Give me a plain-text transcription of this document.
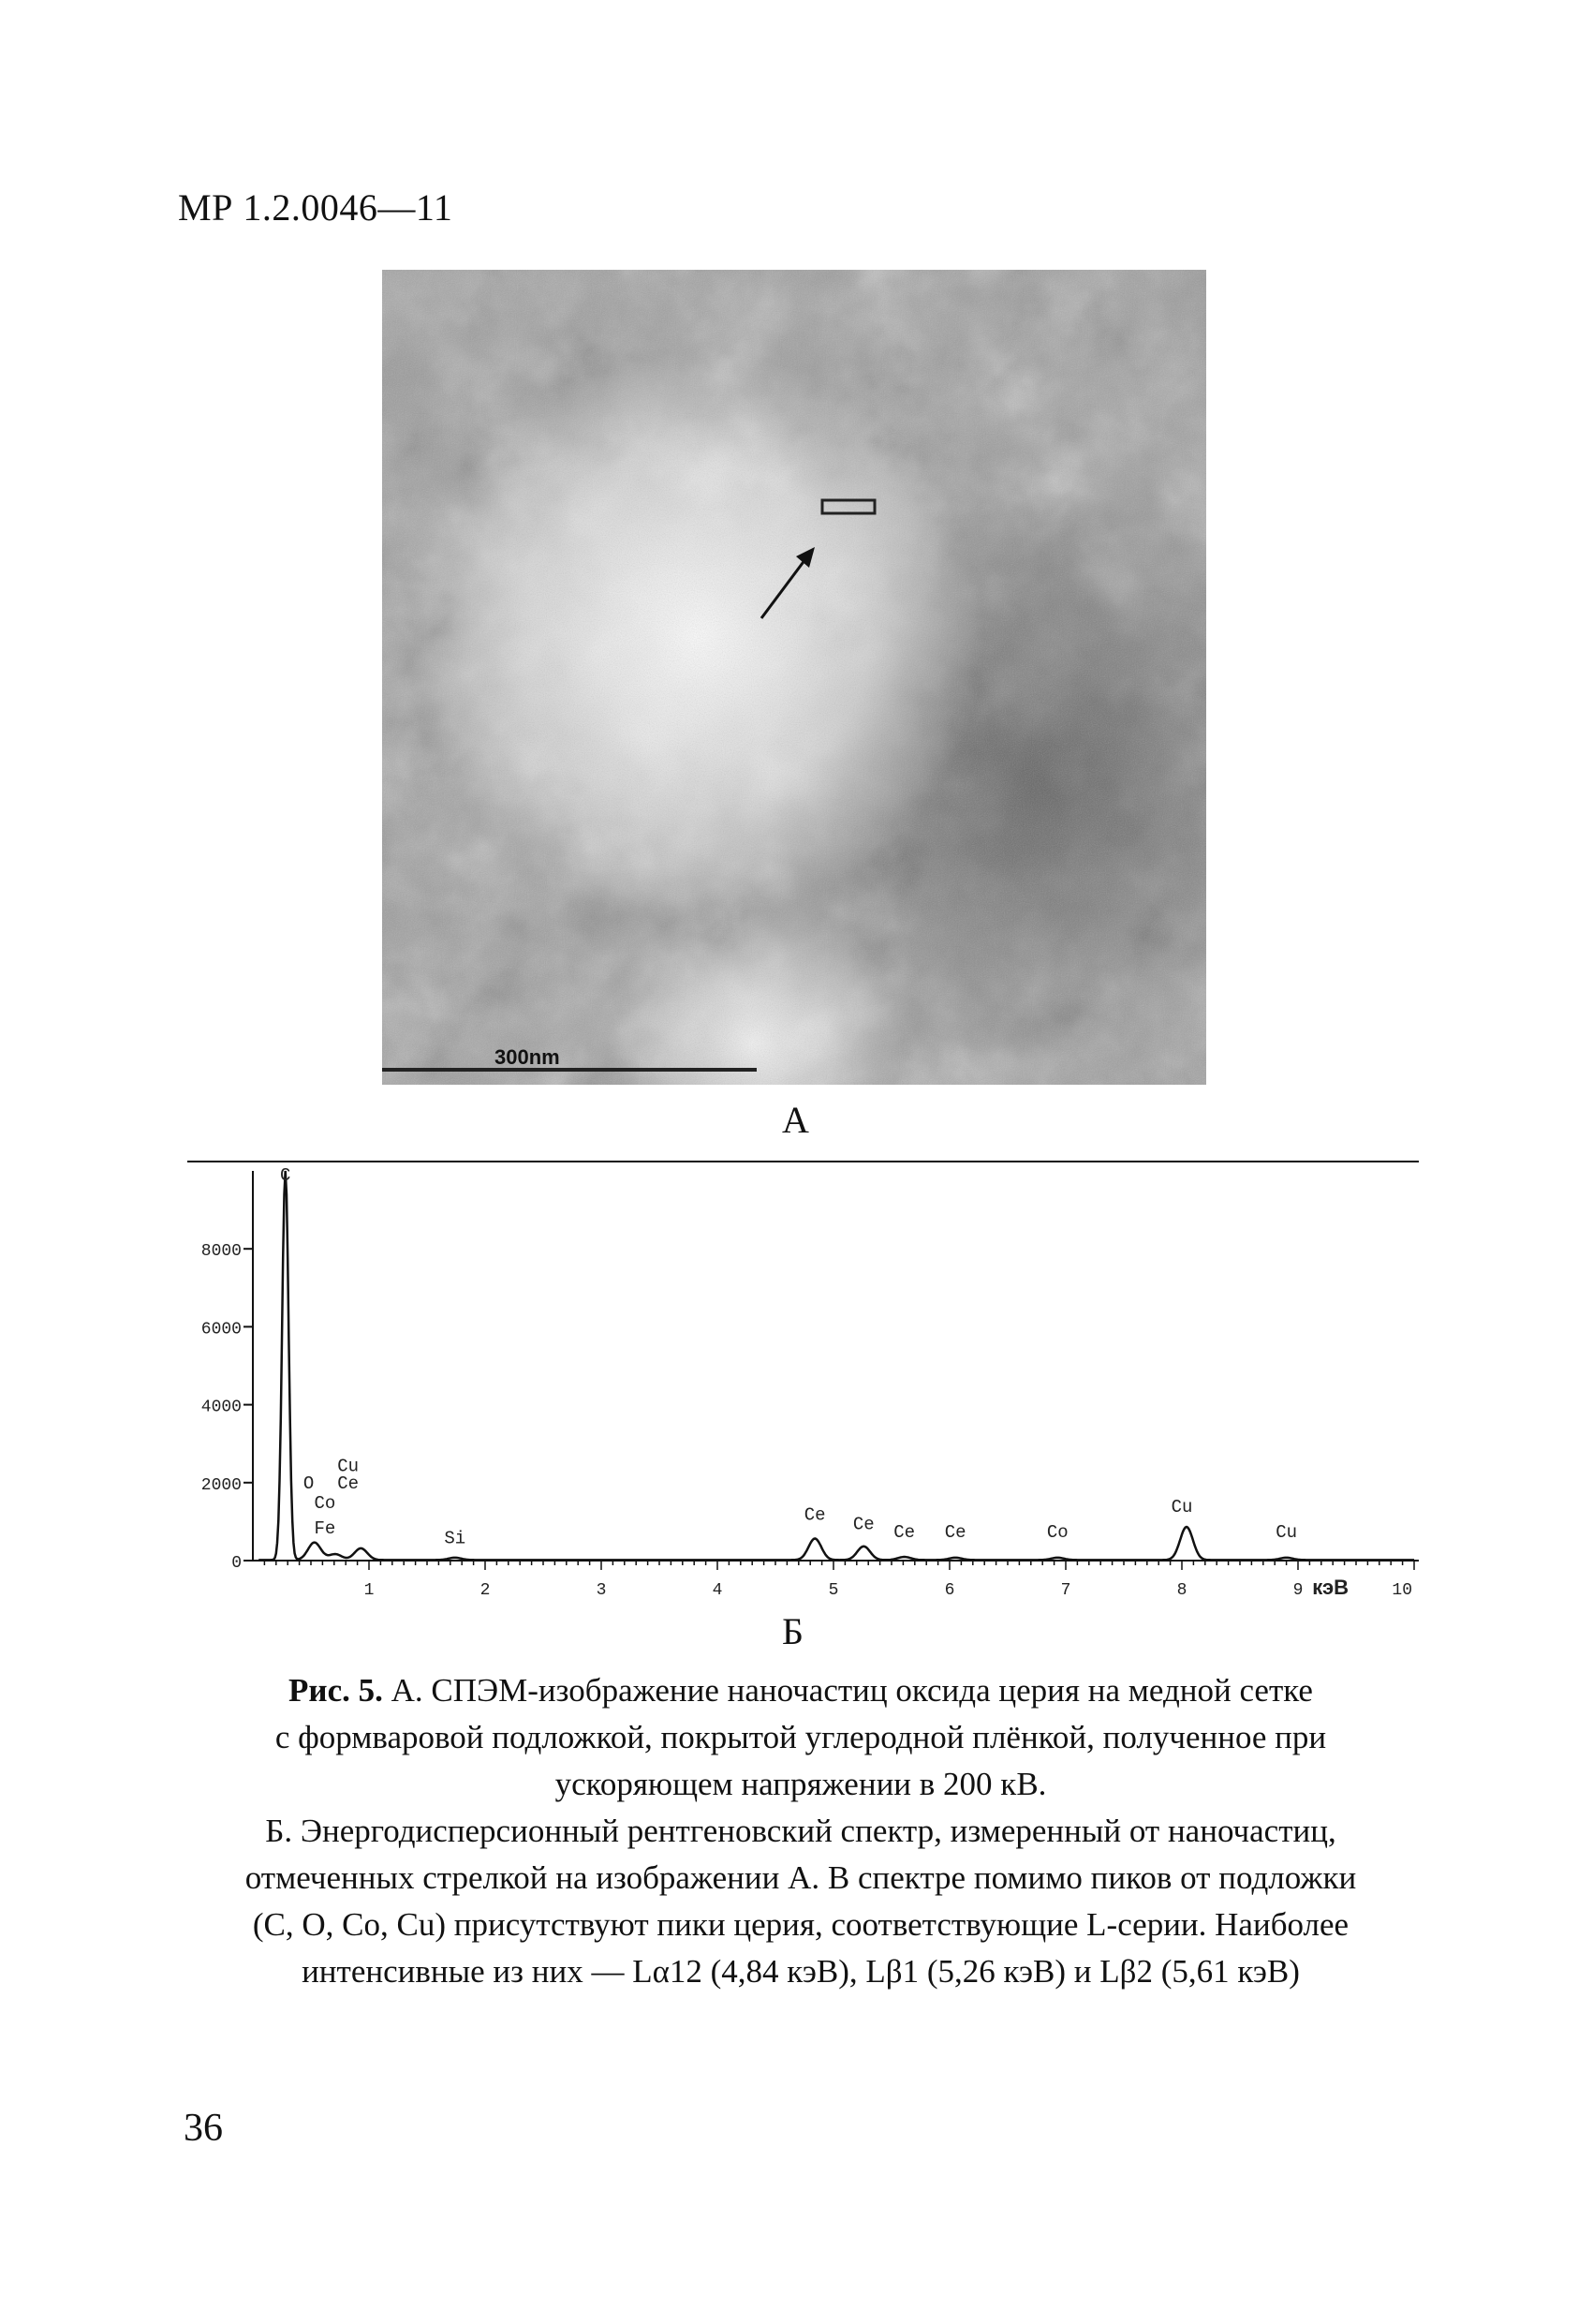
МР 1.2.0046—11
300nm
А
0
2000
4000
6000
8000
1	2	3	4	5	6	7	8	9	10
C
Cu
O Ce
Co
Fe	Si
Ce Ce Ce Ce	Co
Cu
Cu
кэВ
Б

Рис. 5. А. СПЭМ-изображение наночастиц оксида церия на медной сетке

с формваровой подложкой, покрытой углеродной плёнкой, полученное при

ускоряющем напряжении в 200 кВ.

Б. Энергодисперсионный рентгеновский спектр, измеренный от наночастиц,

отмеченных стрелкой на изображении А. В спектре помимо пиков от подложки

(C, O, Co, Cu) присутствуют пики церия, соответствующие L-серии. Наиболее

интенсивные из них — Lα12 (4,84 кэВ), Lβ1 (5,26 кэВ) и Lβ2 (5,61 кэВ)

36
